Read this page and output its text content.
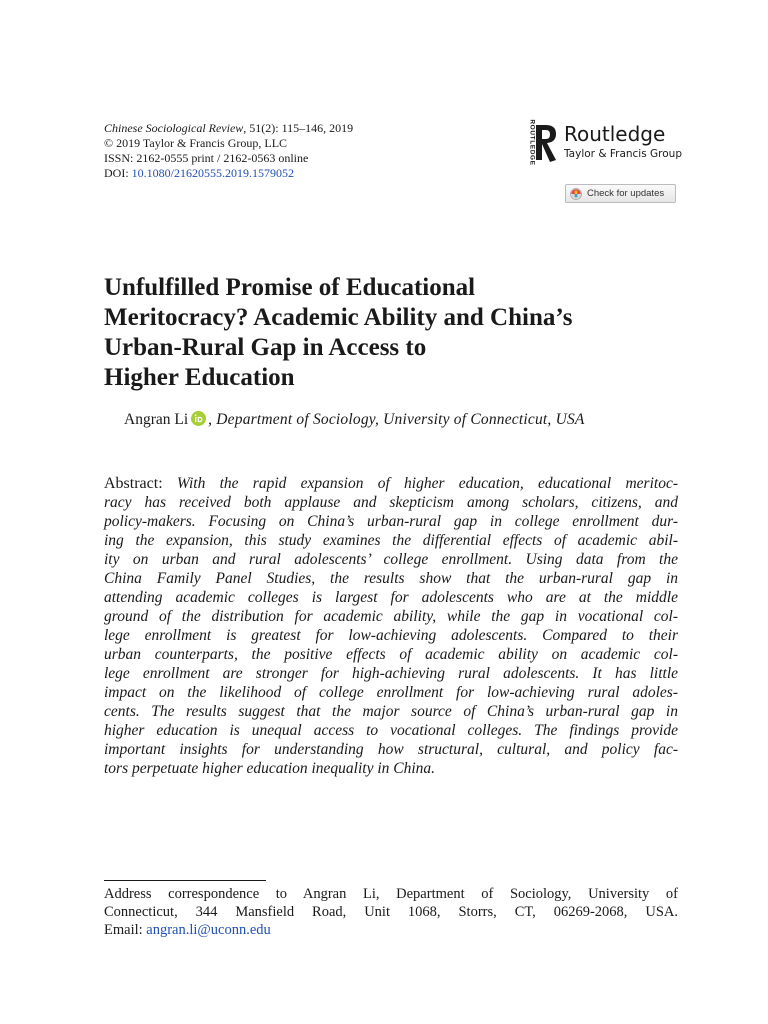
Chinese Sociological Review, 51(2): 115–146, 2019
© 2019 Taylor & Francis Group, LLC
ISSN: 2162-0555 print / 2162-0563 online
DOI: 10.1080/21620555.2019.1579052
ROUTLEDGE Routledge
Taylor & Francis Group
Check for updates
Unfulfilled Promise of Educational
Meritocracy? Academic Ability and China’s
Urban-Rural Gap in Access to
Higher Education
Angran Li , Department of Sociology, University of Connecticut, USA
Abstract: With the rapid expansion of higher education, educational meritoc-
racy has received both applause and skepticism among scholars, citizens, and
policy-makers. Focusing on China’s urban-rural gap in college enrollment dur-
ing the expansion, this study examines the differential effects of academic abil-
ity on urban and rural adolescents’ college enrollment. Using data from the
China Family Panel Studies, the results show that the urban-rural gap in
attending academic colleges is largest for adolescents who are at the middle
ground of the distribution for academic ability, while the gap in vocational col-
lege enrollment is greatest for low-achieving adolescents. Compared to their
urban counterparts, the positive effects of academic ability on academic col-
lege enrollment are stronger for high-achieving rural adolescents. It has little
impact on the likelihood of college enrollment for low-achieving rural adoles-
cents. The results suggest that the major source of China’s urban-rural gap in
higher education is unequal access to vocational colleges. The findings provide
important insights for understanding how structural, cultural, and policy fac-
tors perpetuate higher education inequality in China.
Address correspondence to Angran Li, Department of Sociology, University of
Connecticut, 344 Mansfield Road, Unit 1068, Storrs, CT, 06269-2068, USA.
Email: angran.li@uconn.edu
